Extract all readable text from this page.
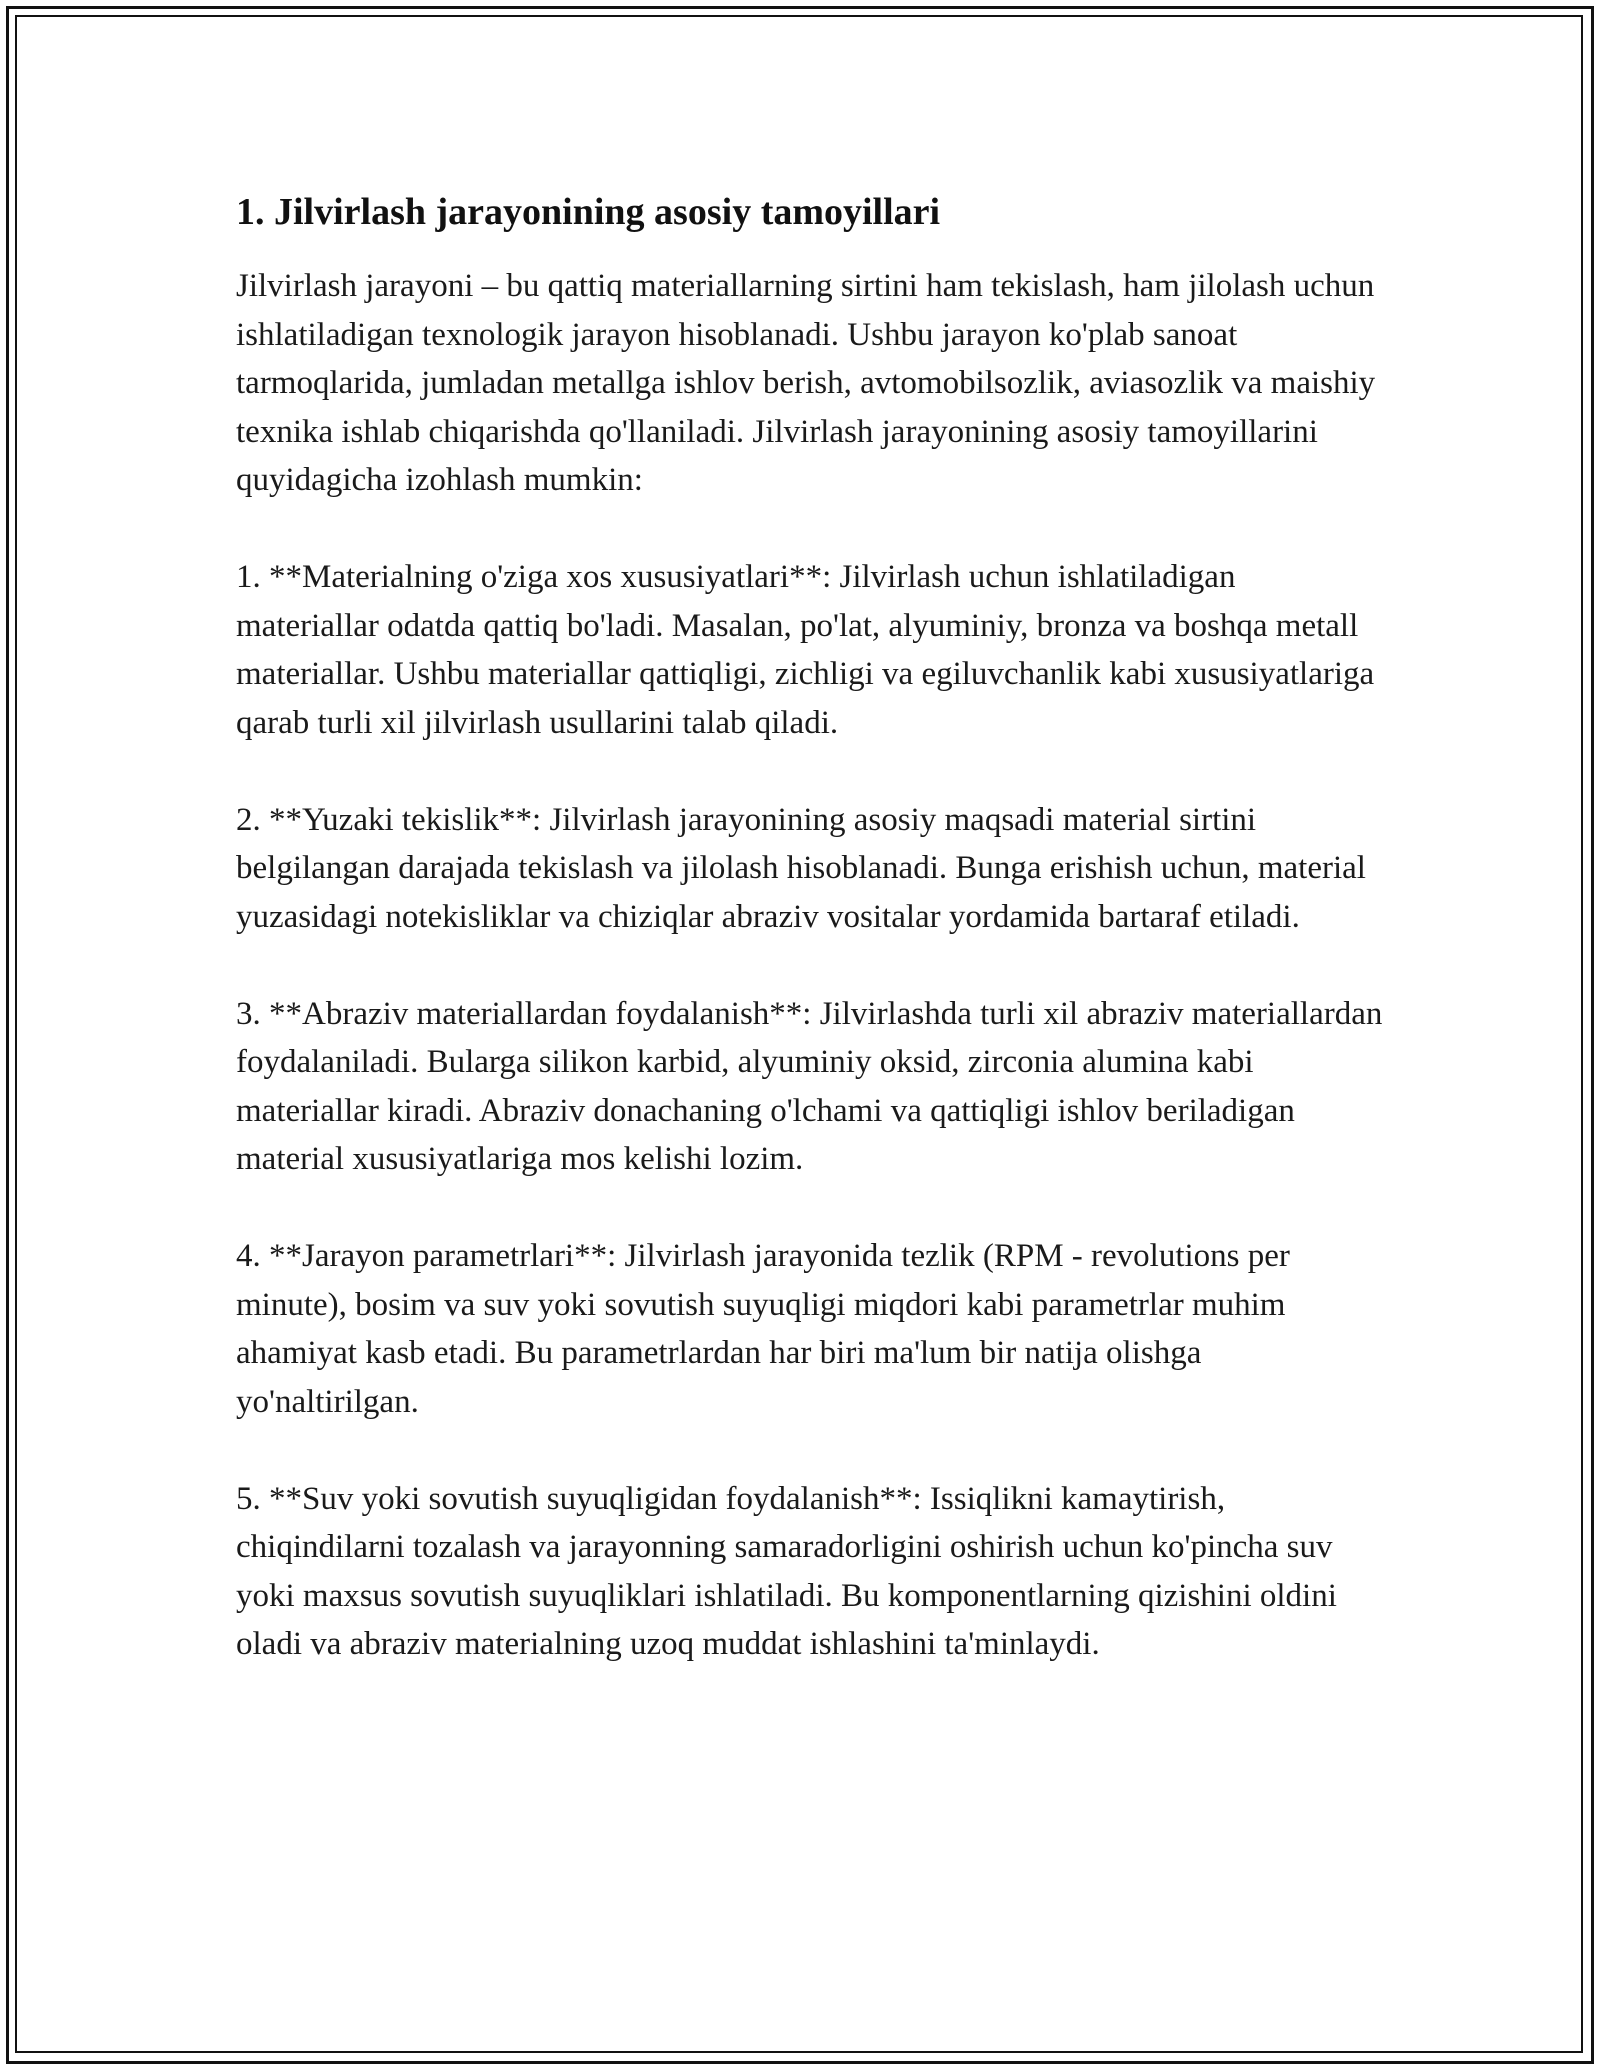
1. Jilvirlash jarayonining asosiy tamoyillari

Jilvirlash jarayoni – bu qattiq materiallarning sirtini ham tekislash, ham jilolash uchun ishlatiladigan texnologik jarayon hisoblanadi. Ushbu jarayon ko'plab sanoat tarmoqlarida, jumladan metallga ishlov berish, avtomobilsozlik, aviasozlik va maishiy texnika ishlab chiqarishda qo'llaniladi. Jilvirlash jarayonining asosiy tamoyillarini quyidagicha izohlash mumkin:

1. **Materialning o'ziga xos xususiyatlari**: Jilvirlash uchun ishlatiladigan materiallar odatda qattiq bo'ladi. Masalan, po'lat, alyuminiy, bronza va boshqa metall materiallar. Ushbu materiallar qattiqligi, zichligi va egiluvchanlik kabi xususiyatlariga qarab turli xil jilvirlash usullarini talab qiladi.

2. **Yuzaki tekislik**: Jilvirlash jarayonining asosiy maqsadi material sirtini belgilangan darajada tekislash va jilolash hisoblanadi. Bunga erishish uchun, material yuzasidagi notekisliklar va chiziqlar abraziv vositalar yordamida bartaraf etiladi.

3. **Abraziv materiallardan foydalanish**: Jilvirlashda turli xil abraziv materiallardan foydalaniladi. Bularga silikon karbid, alyuminiy oksid, zirconia alumina kabi materiallar kiradi. Abraziv donachaning o'lchami va qattiqligi ishlov beriladigan material xususiyatlariga mos kelishi lozim.

4. **Jarayon parametrlari**: Jilvirlash jarayonida tezlik (RPM - revolutions per minute), bosim va suv yoki sovutish suyuqligi miqdori kabi parametrlar muhim ahamiyat kasb etadi. Bu parametrlardan har biri ma'lum bir natija olishga yo'naltirilgan.

5. **Suv yoki sovutish suyuqligidan foydalanish**: Issiqlikni kamaytirish, chiqindilarni tozalash va jarayonning samaradorligini oshirish uchun ko'pincha suv yoki maxsus sovutish suyuqliklari ishlatiladi. Bu komponentlarning qizishini oldini oladi va abraziv materialning uzoq muddat ishlashini ta'minlaydi.
